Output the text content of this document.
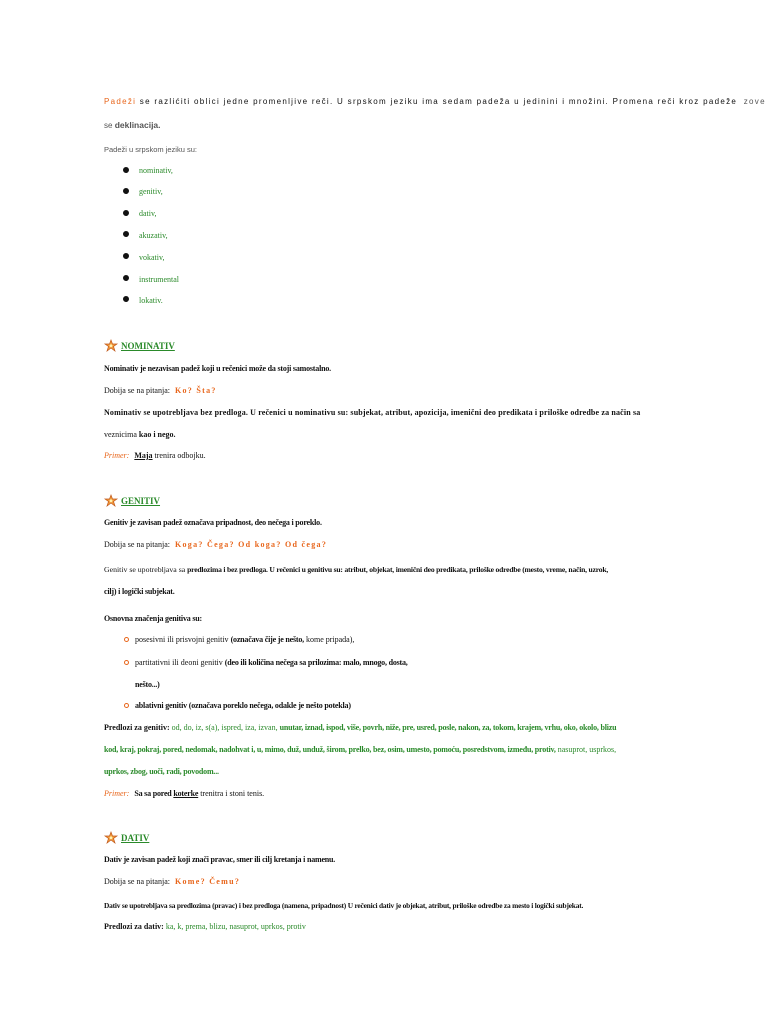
Padeži se razlićiti oblici jedne promenljive reči. U srpskom jeziku ima sedam padeža u jedinini i množini. Promena reči kroz padeže zove
se deklinacija.
Padeži u srpskom jeziku su:
nominativ,
genitiv,
dativ,
akuzativ,
vokativ,
instrumental
lokativ.
NOMINATIV
Nominativ je nezavisan padež koji u rečenici može da stoji samostalno.
Dobija se na pitanja: Ko? Šta?
Nominativ se upotrebljava bez predloga. U rečenici u nominativu su: subjekat, atribut, apozicija, imenični deo predikata i priloške odredbe za način sa
veznicima kao i nego.
Primer: Maja trenira odbojku.
GENITIV
Genitiv je zavisan padež označava pripadnost, deo nečega i poreklo.
Dobija se na pitanja: Koga? Čega? Od koga? Od čega?
Genitiv se upotrebljava sa predlozima i bez predloga. U rečenici u genitivu su: atribut, objekat, imenični deo predikata, priloške odredbe (mesto, vreme, način, uzrok,
cilj) i logički subjekat.
Osnovna značenja genitiva su:
posesivni ili prisvojni genitiv (označava čije je nešto, kome pripada),
partitativni ili deoni genitiv (deo ili količina nečega sa prilozima: malo, mnogo, dosta,
nešto...)
ablativni genitiv (označava poreklo nečega, odakle je nešto potekla)
Predlozi za genitiv: od, do, iz, s(a), ispred, iza, izvan, unutar, iznad, ispod, više, povrh, niže, pre, usred, posle, nakon, za, tokom, krajem, vrhu, oko, okolo, blizu
kod, kraj, pokraj, pored, nedomak, nadohvat i, u, mimo, duž, unduž, širom, prelko, bez, osim, umesto, pomoću, posredstvom, između, protiv, nasuprot, usprkos,
uprkos, zbog, uoči, radi, povodom...
Primer: Sa sa pored koterke trenitra i stoni tenis.
DATIV
Dativ je zavisan padež koji znači pravac, smer ili cilj kretanja i namenu.
Dobija se na pitanja: Kome? Čemu?
Dativ se upotrebljava sa predlozima (pravac) i bez predloga (namena, pripadnost) U rečenici dativ je objekat, atribut, priloške odredbe za mesto i logički subjekat.
Predlozi za dativ: ka, k, prema, blizu, nasuprot, uprkos, protiv
